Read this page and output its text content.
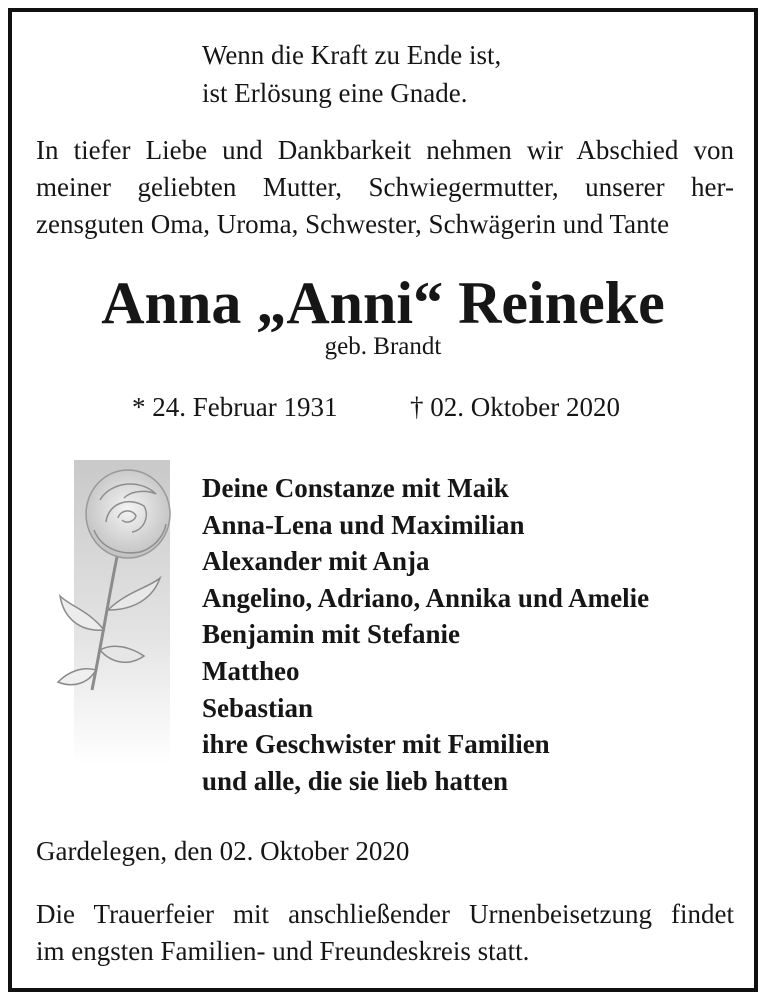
Wenn die Kraft zu Ende ist,
ist Erlösung eine Gnade.
In tiefer Liebe und Dankbarkeit nehmen wir Abschied von
meiner geliebten Mutter, Schwiegermutter, unserer her-
zensguten Oma, Uroma, Schwester, Schwägerin und Tante
Anna „Anni“ Reineke
geb. Brandt
* 24. Februar 1931	† 02. Oktober 2020
Deine Constanze mit Maik
Anna-Lena und Maximilian
Alexander mit Anja
Angelino, Adriano, Annika und Amelie
Benjamin mit Stefanie
Mattheo
Sebastian
ihre Geschwister mit Familien
und alle, die sie lieb hatten
Gardelegen, den 02. Oktober 2020
Die Trauerfeier mit anschließender Urnenbeisetzung findet
im engsten Familien- und Freundeskreis statt.
